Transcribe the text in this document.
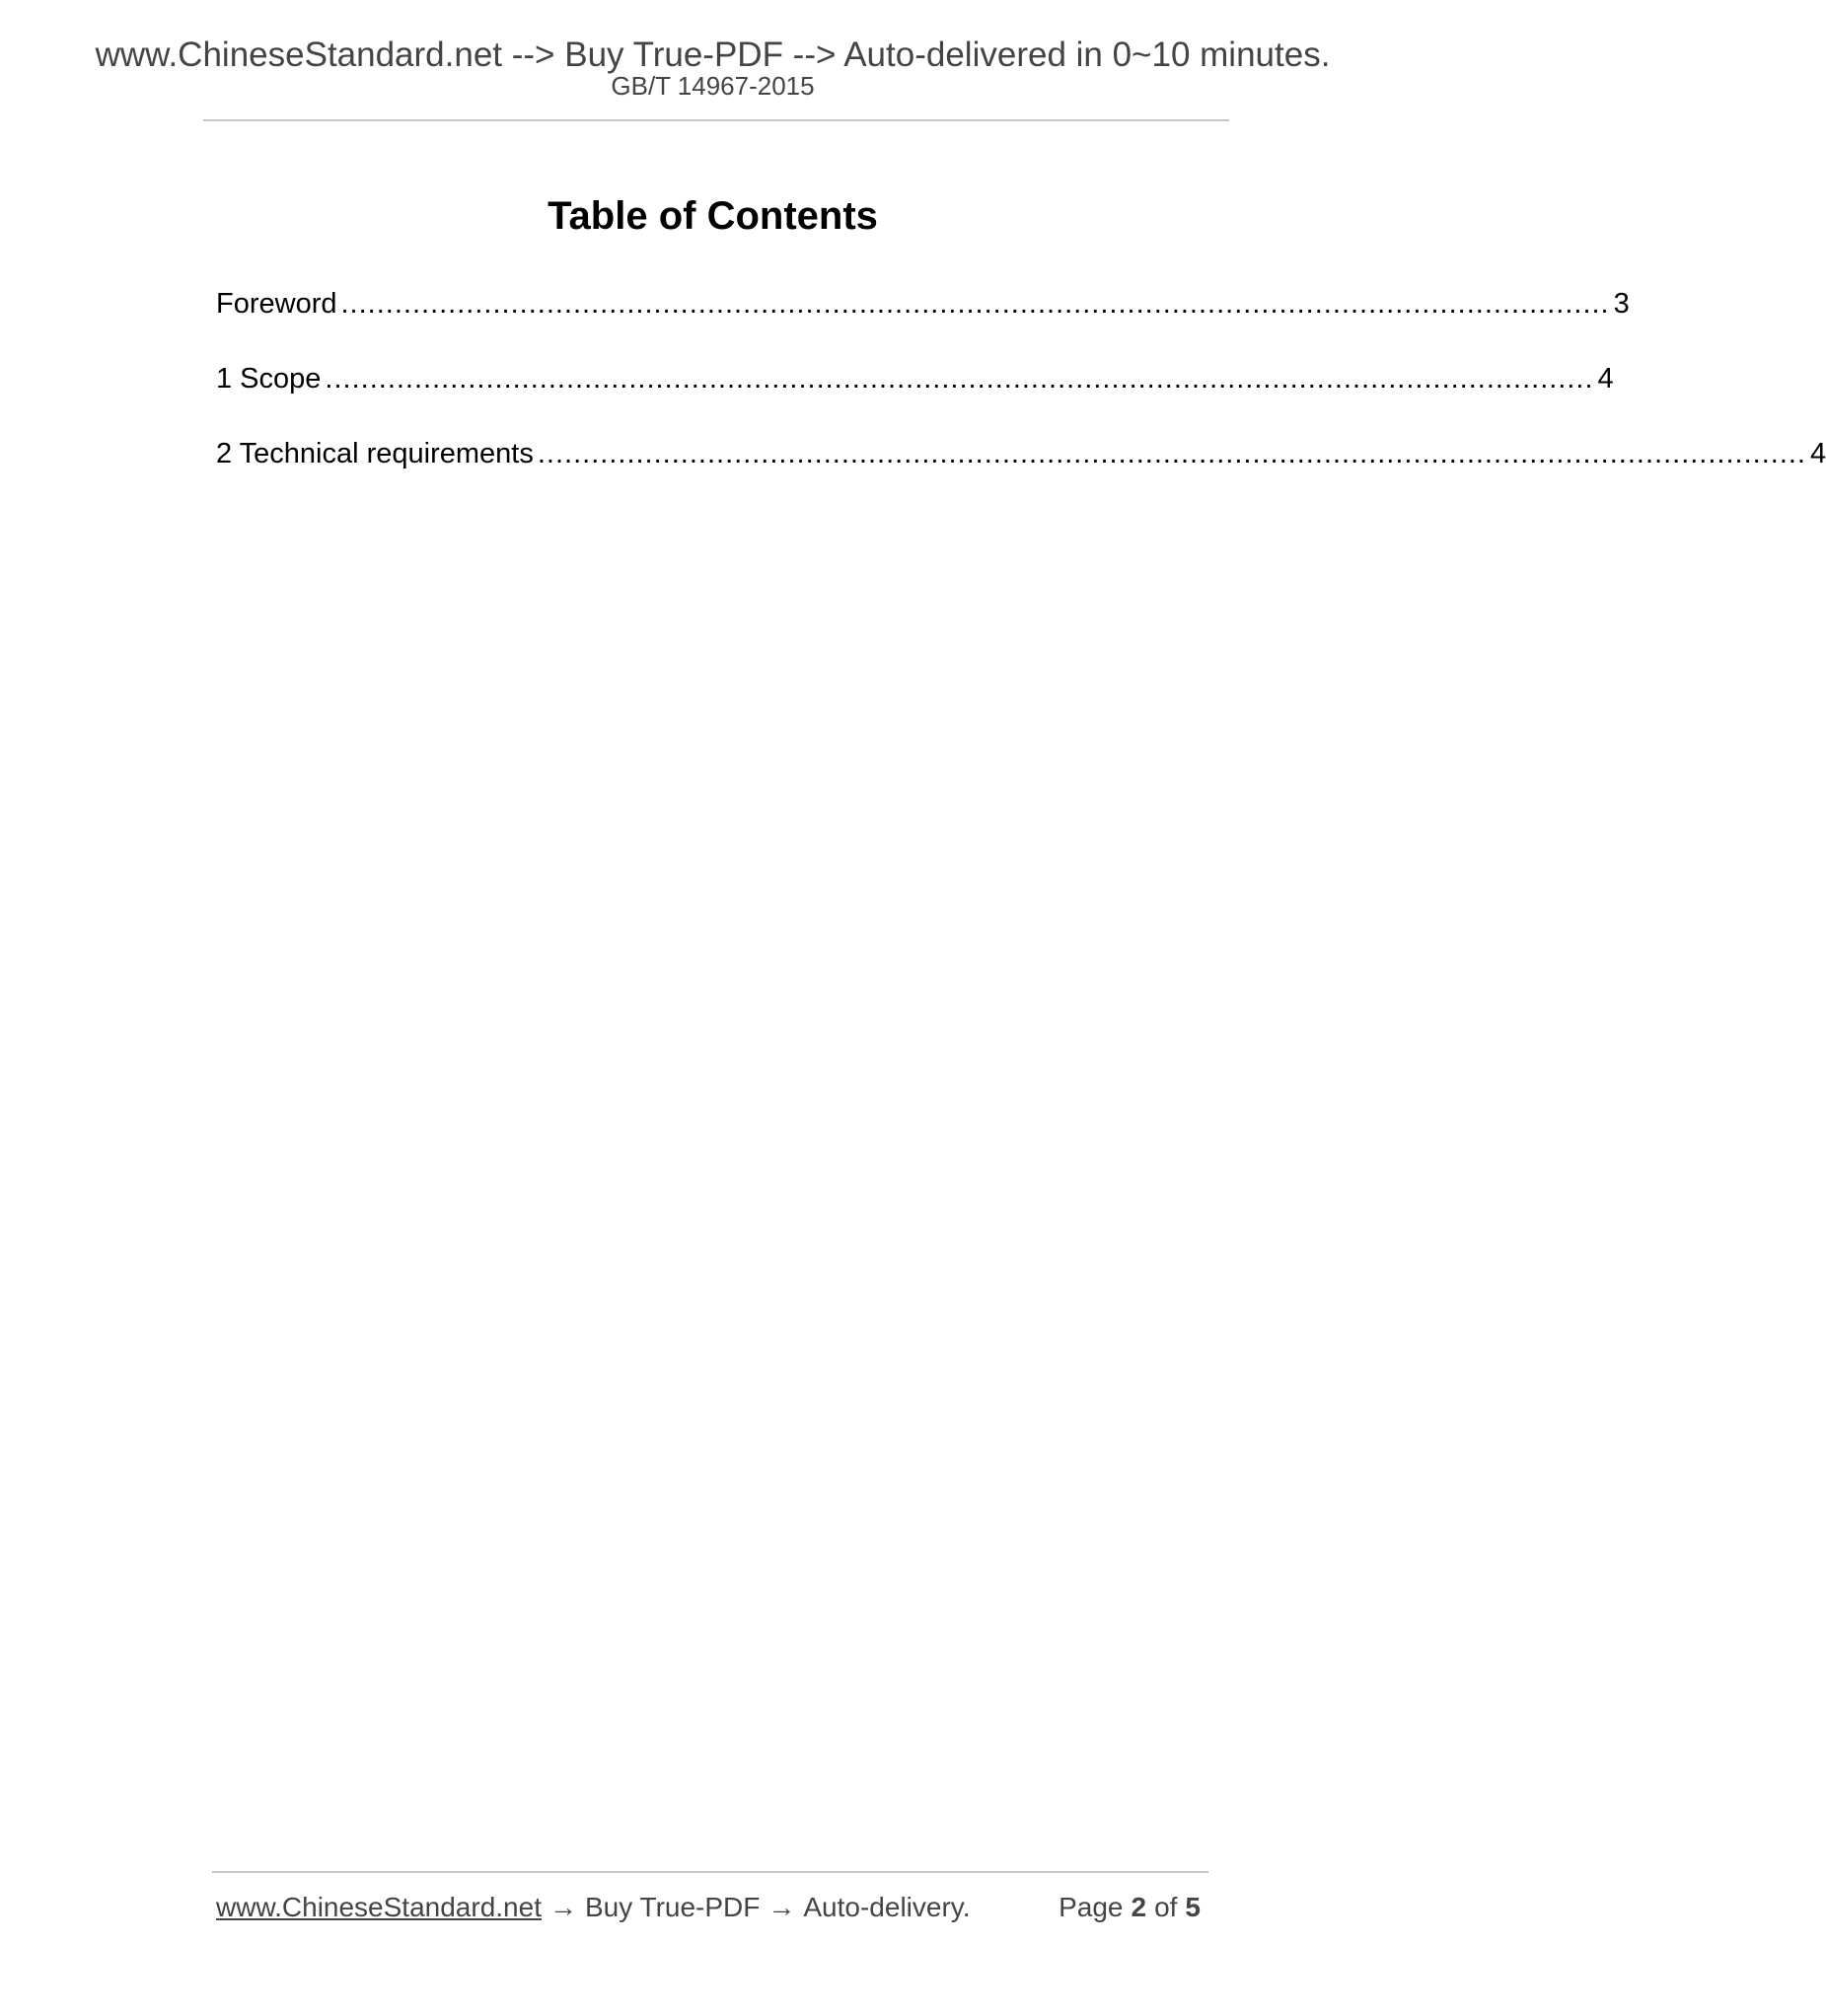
www.ChineseStandard.net --> Buy True-PDF --> Auto-delivered in 0~10 minutes.
GB/T 14967-2015
Table of Contents
Foreword .............................................................................................................................................. 3
1 Scope .............................................................................................................................................. 4
2 Technical requirements .............................................................................................................................................. 4
www.ChineseStandard.net → Buy True-PDF → Auto-delivery.	Page 2 of 5
